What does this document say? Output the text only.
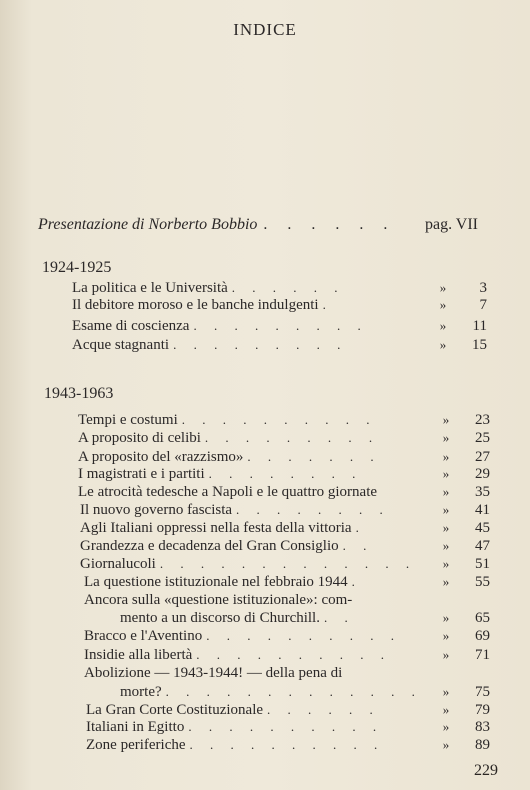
INDICE
Presentazione di Norberto Bobbio . . . . . .	pag. VII
1924-1925
La politica e le Università . . . . . .	»	3
Il debitore moroso e le banche indulgenti .	»	7
Esame di coscienza . . . . . . . . .	»	11
Acque stagnanti . . . . . . . . .	»	15
1943-1963
Tempi e costumi . . . . . . . . . .	»	23
A proposito di celibi . . . . . . . . .	»	25
A proposito del «razzismo» . . . . . . .	»	27
I magistrati e i partiti . . . . . . . .	»	29
Le atrocità tedesche a Napoli e le quattro giornate	»	35
Il nuovo governo fascista . . . . . . . .	»	41
Agli Italiani oppressi nella festa della vittoria .	»	45
Grandezza e decadenza del Gran Consiglio . .	»	47
Giornalucoli . . . . . . . . . . . . .	»	51
La questione istituzionale nel febbraio 1944 .	»	55
Ancora sulla «questione istituzionale»: com-
mento a un discorso di Churchill. . .	»	65
Bracco e l'Aventino . . . . . . . . . .	»	69
Insidie alla libertà . . . . . . . . . .	»	71
Abolizione — 1943-1944! — della pena di
morte? . . . . . . . . . . . . .	»	75
La Gran Corte Costituzionale . . . . . .	»	79
Italiani in Egitto . . . . . . . . . .	»	83
Zone periferiche . . . . . . . . . .	»	89
229
